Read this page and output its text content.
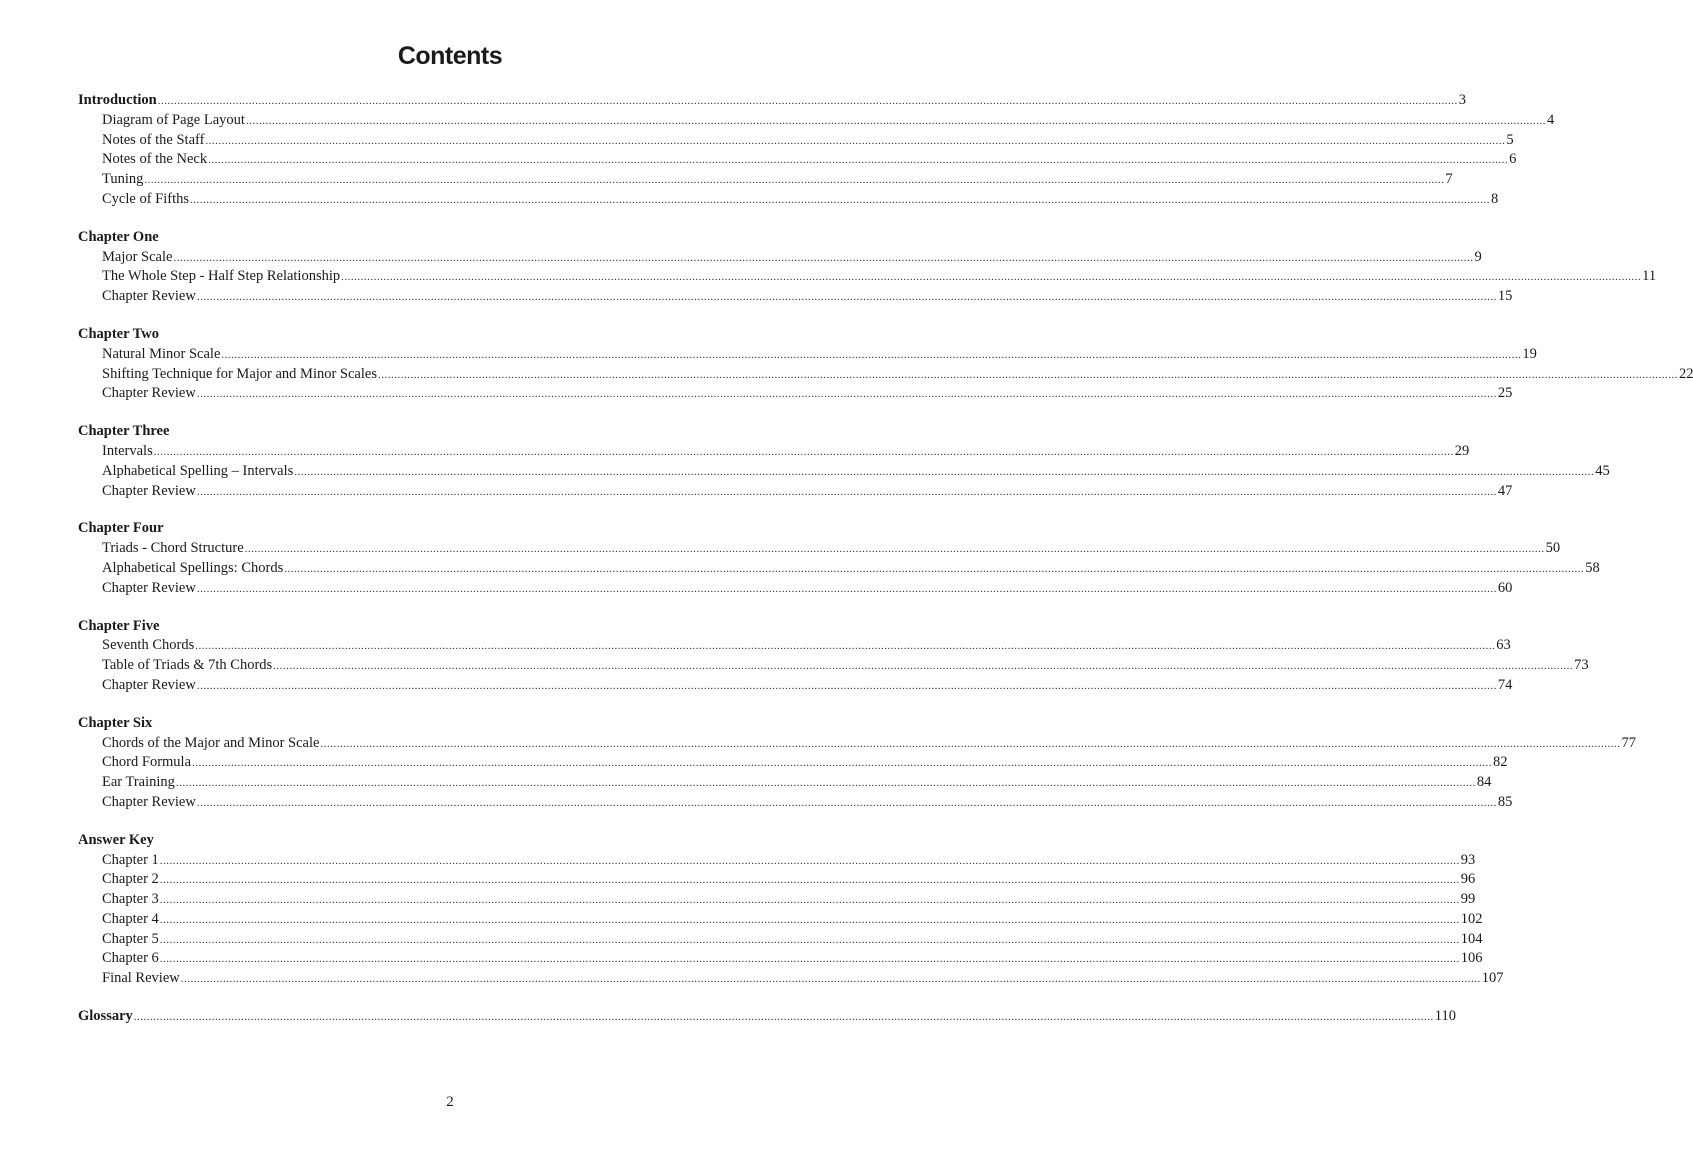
Contents
Introduction ................................................................................................................................................................................................................................................................................................................................................................................................................ 3
Diagram of Page Layout ................................................................................................................................................................................................................................................................................................................................................................................................................ 4
Notes of the Staff ................................................................................................................................................................................................................................................................................................................................................................................................................ 5
Notes of the Neck ................................................................................................................................................................................................................................................................................................................................................................................................................ 6
Tuning ................................................................................................................................................................................................................................................................................................................................................................................................................ 7
Cycle of Fifths ................................................................................................................................................................................................................................................................................................................................................................................................................ 8
Chapter One
Major Scale ................................................................................................................................................................................................................................................................................................................................................................................................................ 9
The Whole Step - Half Step Relationship ................................................................................................................................................................................................................................................................................................................................................................................................................ 11
Chapter Review ................................................................................................................................................................................................................................................................................................................................................................................................................ 15
Chapter Two
Natural Minor Scale ................................................................................................................................................................................................................................................................................................................................................................................................................ 19
Shifting Technique for Major and Minor Scales ................................................................................................................................................................................................................................................................................................................................................................................................................ 22
Chapter Review ................................................................................................................................................................................................................................................................................................................................................................................................................ 25
Chapter Three
Intervals ................................................................................................................................................................................................................................................................................................................................................................................................................ 29
Alphabetical Spelling – Intervals ................................................................................................................................................................................................................................................................................................................................................................................................................ 45
Chapter Review ................................................................................................................................................................................................................................................................................................................................................................................................................ 47
Chapter Four
Triads - Chord Structure ................................................................................................................................................................................................................................................................................................................................................................................................................ 50
Alphabetical Spellings: Chords ................................................................................................................................................................................................................................................................................................................................................................................................................ 58
Chapter Review ................................................................................................................................................................................................................................................................................................................................................................................................................ 60
Chapter Five
Seventh Chords ................................................................................................................................................................................................................................................................................................................................................................................................................ 63
Table of Triads & 7th Chords ................................................................................................................................................................................................................................................................................................................................................................................................................ 73
Chapter Review ................................................................................................................................................................................................................................................................................................................................................................................................................ 74
Chapter Six
Chords of the Major and Minor Scale ................................................................................................................................................................................................................................................................................................................................................................................................................ 77
Chord Formula ................................................................................................................................................................................................................................................................................................................................................................................................................ 82
Ear Training ................................................................................................................................................................................................................................................................................................................................................................................................................ 84
Chapter Review ................................................................................................................................................................................................................................................................................................................................................................................................................ 85
Answer Key
Chapter 1 ................................................................................................................................................................................................................................................................................................................................................................................................................ 93
Chapter 2 ................................................................................................................................................................................................................................................................................................................................................................................................................ 96
Chapter 3 ................................................................................................................................................................................................................................................................................................................................................................................................................ 99
Chapter 4 ................................................................................................................................................................................................................................................................................................................................................................................................................ 102
Chapter 5 ................................................................................................................................................................................................................................................................................................................................................................................................................ 104
Chapter 6 ................................................................................................................................................................................................................................................................................................................................................................................................................ 106
Final Review ................................................................................................................................................................................................................................................................................................................................................................................................................ 107
Glossary ................................................................................................................................................................................................................................................................................................................................................................................................................ 110
2
